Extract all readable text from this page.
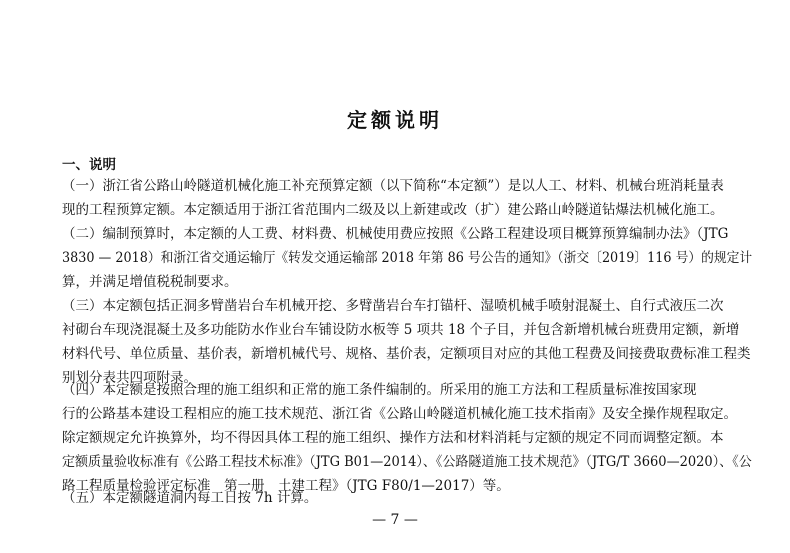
定额说明
一、说明
（一）浙江省公路山岭隧道机械化施工补充预算定额（以下简称“本定额”）是以人工、材料、机械台班消耗量表
现的工程预算定额。本定额适用于浙江省范围内二级及以上新建或改（扩）建公路山岭隧道钻爆法机械化施工。
（二）编制预算时，本定额的人工费、材料费、机械使用费应按照《公路工程建设项目概算预算编制办法》（JTG
3830 — 2018）和浙江省交通运输厅《转发交通运输部 2018 年第 86 号公告的通知》（浙交〔2019〕116 号）的规定计
算，并满足增值税税制要求。
（三）本定额包括正洞多臂凿岩台车机械开挖、多臂凿岩台车打锚杆、湿喷机械手喷射混凝土、自行式液压二次
衬砌台车现浇混凝土及多功能防水作业台车铺设防水板等 5 项共 18 个子目，并包含新增机械台班费用定额，新增
材料代号、单位质量、基价表，新增机械代号、规格、基价表，定额项目对应的其他工程费及间接费取费标准工程类
别划分表共四项附录。
（四）本定额是按照合理的施工组织和正常的施工条件编制的。所采用的施工方法和工程质量标准按国家现
行的公路基本建设工程相应的施工技术规范、浙江省《公路山岭隧道机械化施工技术指南》及安全操作规程取定。
除定额规定允许换算外，均不得因具体工程的施工组织、操作方法和材料消耗与定额的规定不同而调整定额。本
定额质量验收标准有《公路工程技术标准》（JTG B01—2014）、《公路隧道施工技术规范》（JTG/T 3660—2020）、《公
路工程质量检验评定标准　第一册　土建工程》（JTG F80/1—2017）等。
（五）本定额隧道洞内每工日按 7h 计算。
— 7 —
